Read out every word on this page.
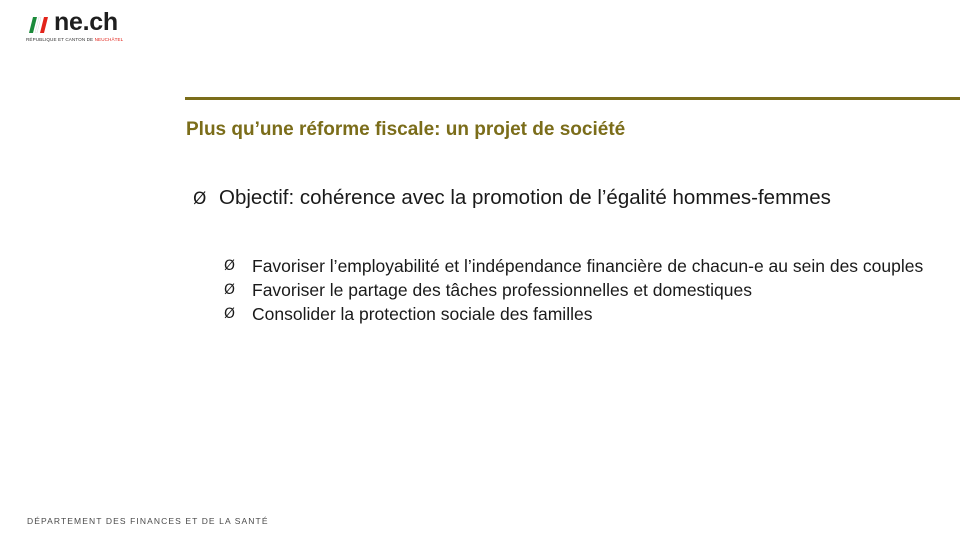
ne.ch
RÉPUBLIQUE ET CANTON DE NEUCHÂTEL
Plus qu’une réforme fiscale: un projet de société
Ø Objectif: cohérence avec la promotion de l’égalité hommes-femmes
Ø Favoriser l’employabilité et l’indépendance financière de chacun-e au sein des couples
Ø Favoriser le partage des tâches professionnelles et domestiques
Ø Consolider la protection sociale des familles
DÉPARTEMENT DES FINANCES ET DE LA SANTÉ
